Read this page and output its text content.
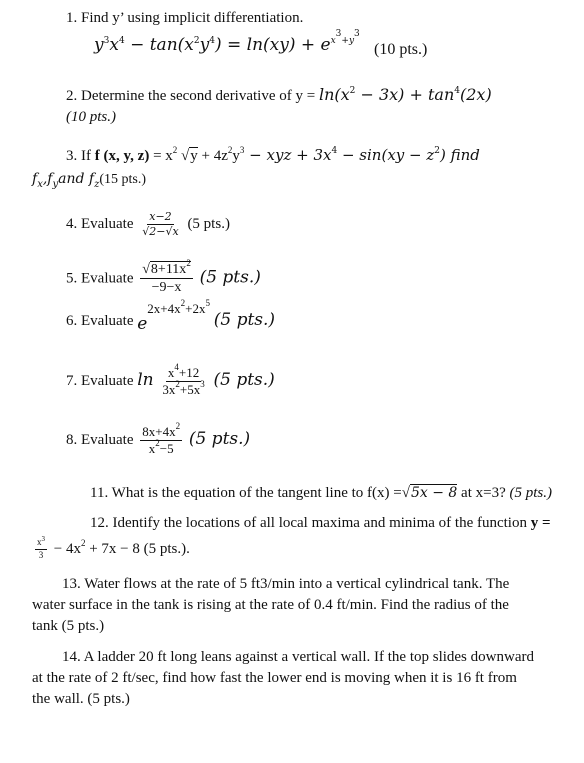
1. Find y’ using implicit differentiation.
$y^3x^4 - \tan(x^2y^4) = \ln(xy) + e^{x3+y3}$
(10 pts.)
2. Determine the second derivative of $y = \ln(x^2 - 3x) + \tan^4(2x)$
(10 pts.)
3. If f (x, y, $z) = x^2$ $√y + 4z^2y^3$ − xyz + $3x^4 - \sin(xy - z^2)$ find
$f_x,f_yand$ $f_z(15$ pts.)
4. Evaluate $\frac{x-2}{√2-√x} (5$ pts.)
5. Evaluate $\frac{√8+11x^2}{-9-x} (5$ pts.)
6. Evaluate $e2x+4x^2+2x^5$ (5 pts.)
7. Evaluate $\ln \frac{x^4+12}{3x^2+5x^3} (5$ pts.)
8. Evaluate $\frac{8x+4x^2}{x^2-5} (5$ pts.)
11. What is the equation of the tangent line to f(x) =√5x − 8 at x=3? (5 pts.)
12. Identify the locations of all local maxima and minima of the function y =
$\frac{x^3}{3} - 4x^2 + 7x - 8$ (5 pts.).
13. Water flows at the rate of 5 ft3/min into a vertical cylindrical tank. The
water surface in the tank is rising at the rate of 0.4 ft/min. Find the radius of the
tank (5 pts.)
14. A ladder 20 ft long leans against a vertical wall. If the top slides downward
at the rate of 2 ft/sec, find how fast the lower end is moving when it is 16 ft from
the wall. (5 pts.)
